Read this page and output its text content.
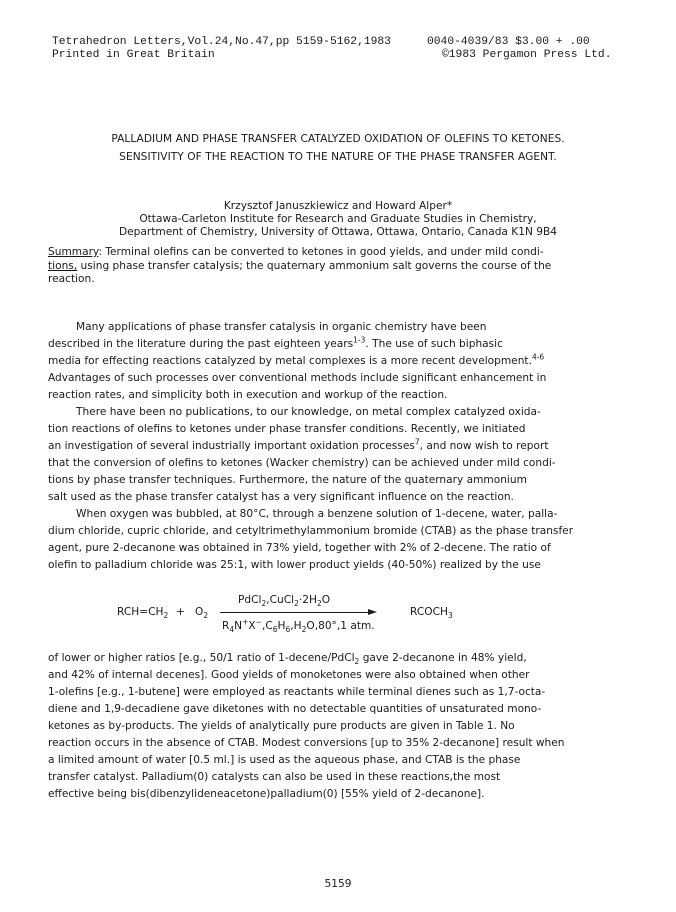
Tetrahedron Letters,Vol.24,No.47,pp 5159-5162,1983	0040-4039/83 $3.00 + .00
Printed in Great Britain	©1983 Pergamon Press Ltd.
PALLADIUM AND PHASE TRANSFER CATALYZED OXIDATION OF OLEFINS TO KETONES.
SENSITIVITY OF THE REACTION TO THE NATURE OF THE PHASE TRANSFER AGENT.
Krzysztof Januszkiewicz and Howard Alper*
Ottawa-Carleton Institute for Research and Graduate Studies in Chemistry,
Department of Chemistry, University of Ottawa, Ottawa, Ontario, Canada K1N 9B4
Summary: Terminal olefins can be converted to ketones in good yields, and under mild condi-
tions, using phase transfer catalysis; the quaternary ammonium salt governs the course of the
reaction.
Many applications of phase transfer catalysis in organic chemistry have been
described in the literature during the past eighteen years$^{1-3}$. The use of such biphasic
media for effecting reactions catalyzed by metal complexes is a more recent development.$^{4-6}$
Advantages of such processes over conventional methods include significant enhancement in
reaction rates, and simplicity both in execution and workup of the reaction.
There have been no publications, to our knowledge, on metal complex catalyzed oxida-
tion reactions of olefins to ketones under phase transfer conditions. Recently, we initiated
an investigation of several industrially important oxidation processes$^7$, and now wish to report
that the conversion of olefins to ketones (Wacker chemistry) can be achieved under mild condi-
tions by phase transfer techniques. Furthermore, the nature of the quaternary ammonium
salt used as the phase transfer catalyst has a very significant influence on the reaction.
When oxygen was bubbled, at 80°C, through a benzene solution of 1-decene, water, palla-
dium chloride, cupric chloride, and cetyltrimethylammonium bromide (CTAB) as the phase transfer
agent, pure 2-decanone was obtained in 73% yield, together with 2% of 2-decene. The ratio of
olefin to palladium chloride was 25:1, with lower product yields (40-50%) realized by the use
$RCH=CH_2 + O_2$
$PdCl_2,CuCl_2\cdot 2H_2O$
$R_4N^+X^-,C_6H_6,H_2O,80^\circ,1$ atm.
$RCOCH_3$
of lower or higher ratios [e.g., 50/1 ratio of 1-decene/PdCl$_2$ gave 2-decanone in 48% yield,
and 42% of internal decenes]. Good yields of monoketones were also obtained when other
1-olefins [e.g., 1-butene] were employed as reactants while terminal dienes such as 1,7-octa-
diene and 1,9-decadiene gave diketones with no detectable quantities of unsaturated mono-
ketones as by-products. The yields of analytically pure products are given in Table 1. No
reaction occurs in the absence of CTAB. Modest conversions [up to 35% 2-decanone] result when
a limited amount of water [0.5 ml.] is used as the aqueous phase, and CTAB is the phase
transfer catalyst. Palladium(0) catalysts can also be used in these reactions,the most
effective being bis(dibenzylideneacetone)palladium(0) [55% yield of 2-decanone].
5159
